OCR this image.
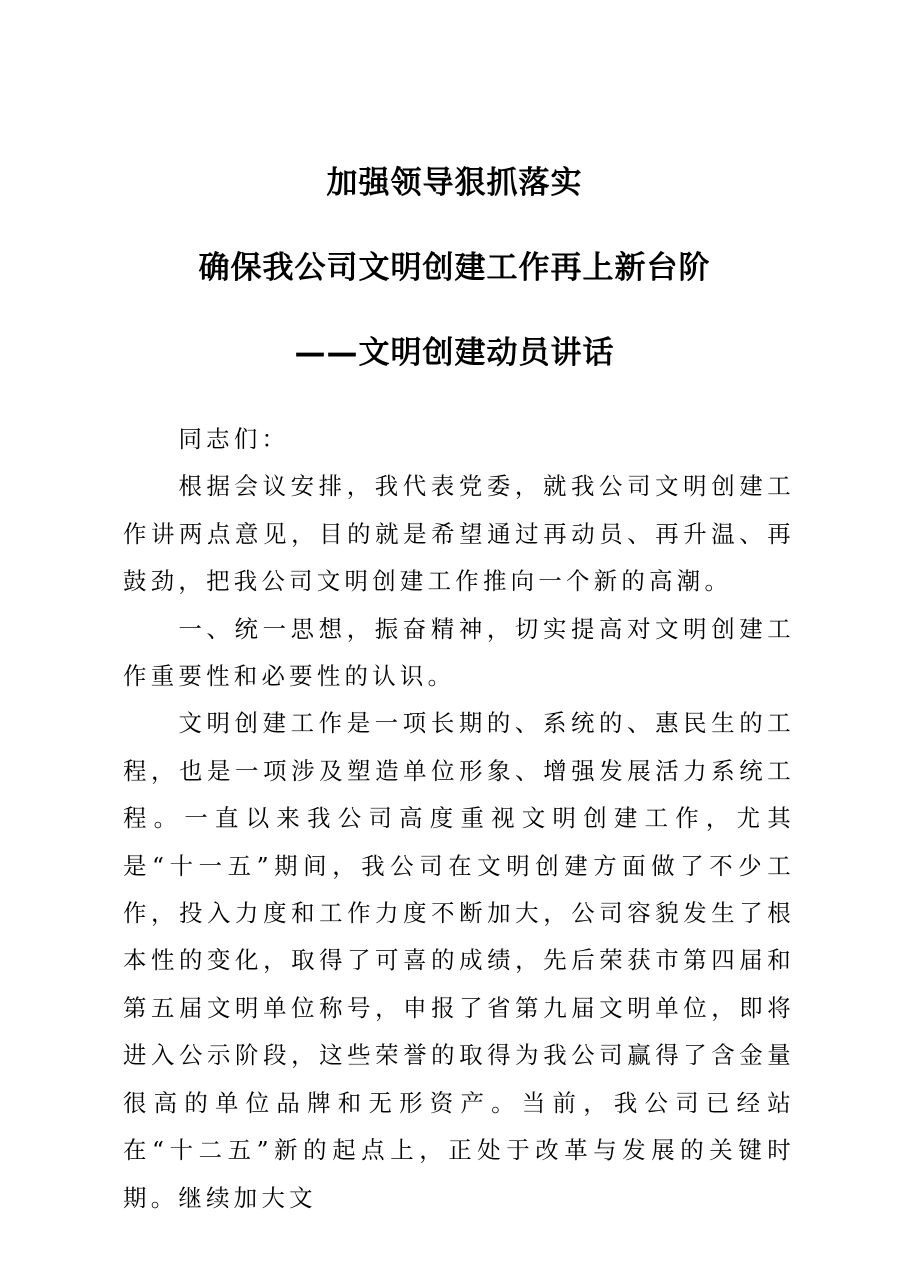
加强领导狠抓落实
确保我公司文明创建工作再上新台阶
——文明创建动员讲话

同志们：

根据会议安排，我代表党委，就我公司文明创建工作讲两点意见，目的就是希望通过再动员、再升温、再鼓劲，把我公司文明创建工作推向一个新的高潮。

一、统一思想，振奋精神，切实提高对文明创建工作重要性和必要性的认识。

文明创建工作是一项长期的、系统的、惠民生的工程，也是一项涉及塑造单位形象、增强发展活力系统工程。一直以来我公司高度重视文明创建工作，尤其是“十一五”期间，我公司在文明创建方面做了不少工作，投入力度和工作力度不断加大，公司容貌发生了根本性的变化，取得了可喜的成绩，先后荣获市第四届和第五届文明单位称号，申报了省第九届文明单位，即将进入公示阶段，这些荣誉的取得为我公司赢得了含金量很高的单位品牌和无形资产。当前，我公司已经站在“十二五”新的起点上，正处于改革与发展的关键时期。继续加大文
